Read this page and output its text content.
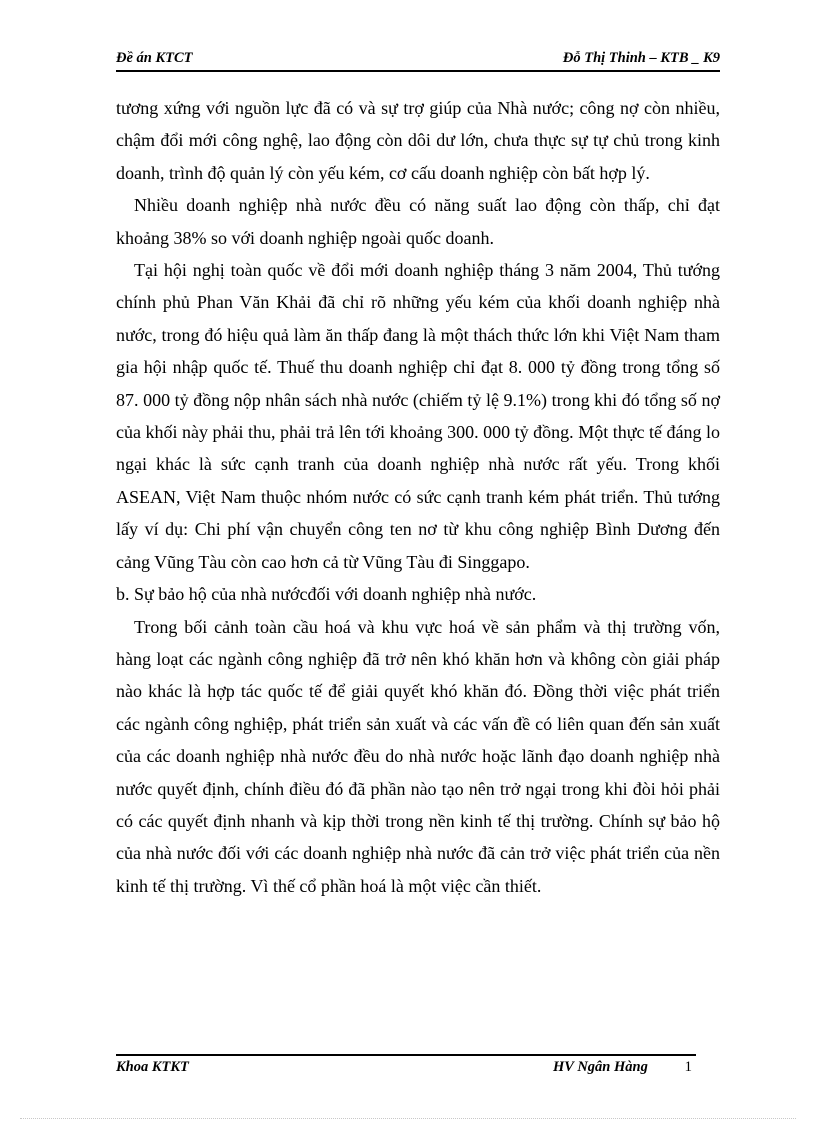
Đề án KTCT	Đỗ Thị Thinh – KTB _ K9

tương xứng với nguồn lực đã có và sự trợ giúp của Nhà nước; công nợ còn nhiều, chậm đổi mới công nghệ, lao động còn dôi dư lớn, chưa thực sự tự chủ trong kinh doanh, trình độ quản lý còn yếu kém, cơ cấu doanh nghiệp còn bất hợp lý.

Nhiều doanh nghiệp nhà nước đều có năng suất lao động còn thấp, chỉ đạt khoảng 38% so với doanh nghiệp ngoài quốc doanh.

Tại hội nghị toàn quốc về đổi mới doanh nghiệp tháng 3 năm 2004, Thủ tướng chính phủ Phan Văn Khải đã chỉ rõ những yếu kém của khối doanh nghiệp nhà nước, trong đó hiệu quả làm ăn thấp đang là một thách thức lớn khi Việt Nam tham gia hội nhập quốc tế. Thuế thu doanh nghiệp chỉ đạt 8. 000 tỷ đồng trong tổng số 87. 000 tỷ đồng nộp nhân sách nhà nước (chiếm tỷ lệ 9.1%) trong khi đó tổng số nợ của khối này phải thu, phải trả lên tới khoảng 300. 000 tỷ đồng. Một thực tế đáng lo ngại khác là sức cạnh tranh của doanh nghiệp nhà nước rất yếu. Trong khối ASEAN, Việt Nam thuộc nhóm nước có sức cạnh tranh kém phát triển. Thủ tướng lấy ví dụ: Chi phí vận chuyển công ten nơ từ khu công nghiệp Bình Dương đến cảng Vũng Tàu còn cao hơn cả từ Vũng Tàu đi Singgapo.

b. Sự bảo hộ của nhà nướcđối với doanh nghiệp nhà nước.

Trong bối cảnh toàn cầu hoá và khu vực hoá về sản phẩm và thị trường vốn, hàng loạt các ngành công nghiệp đã trở nên khó khăn hơn và không còn giải pháp nào khác là hợp tác quốc tế để giải quyết khó khăn đó. Đồng thời việc phát triển các ngành công nghiệp, phát triển sản xuất và các vấn đề có liên quan đến sản xuất của các doanh nghiệp nhà nước đều do nhà nước hoặc lãnh đạo doanh nghiệp nhà nước quyết định, chính điều đó đã phần nào tạo nên trở ngại trong khi đòi hỏi phải có các quyết định nhanh và kịp thời trong nền kinh tế thị trường. Chính sự bảo hộ của nhà nước đối với các doanh nghiệp nhà nước đã cản trở việc phát triển của nền kinh tế thị trường. Vì thế cổ phần hoá là một việc cần thiết.

Khoa KTKT	HV Ngân Hàng 1
